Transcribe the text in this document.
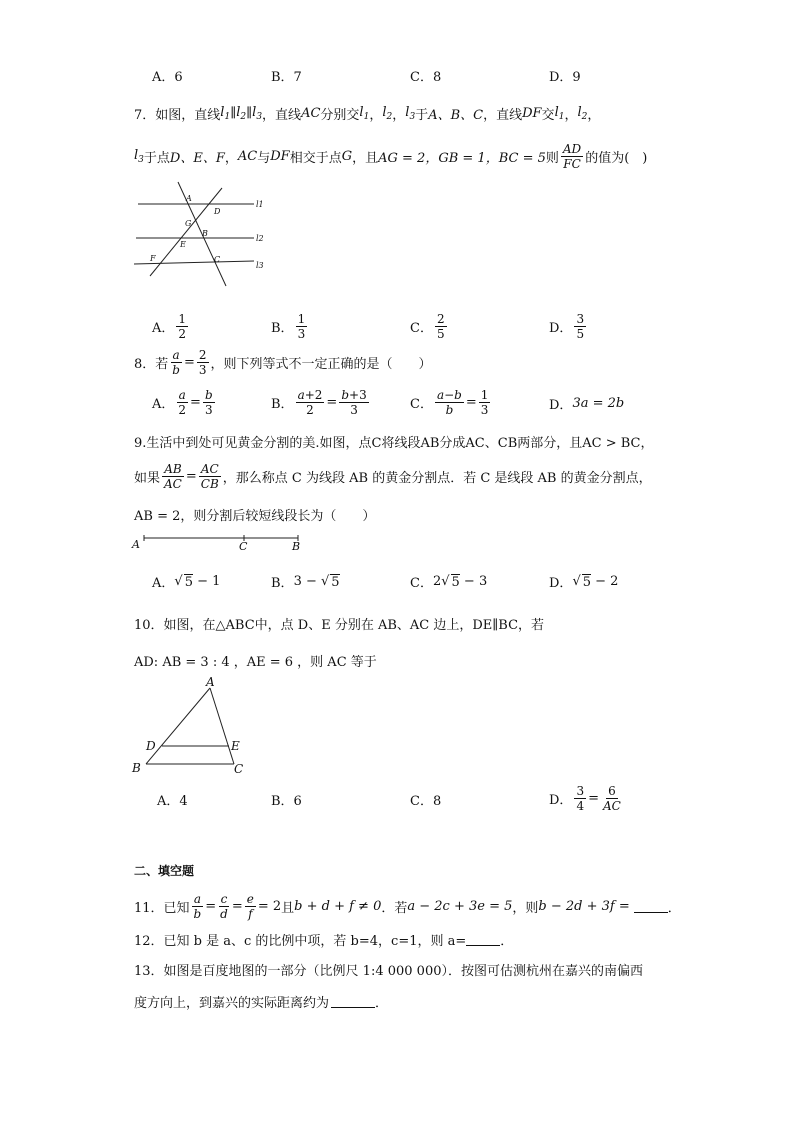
A．6	B．7	C．8	D．9
7． 如图，直线 $l_1$ ∥ $l_2$ ∥ $l_3$ ，直线 AC 分别交 $l_1$ ， $l_2$ ， $l_3$ 于 A、B、C ，直线 DF 交 $l_1$ ， $l_2$ ，
$l_3$ 于点 D、E、F ， AC 与 DF 相交于点 G ， 且 AG = 2，GB = 1，BC = 5 则 $\frac{AD}{FC}$ 的值为(　)
A
D
G
B
E
F	C
l1
l2
l3
A． $\frac{1}{2}$	B． $\frac{1}{3}$	C． $\frac{2}{5}$	D． $\frac{3}{5}$
8．若 $\frac{a}{b} = \frac{2}{3}$ ，则下列等式不一定正确的是（　　）
A． $\frac{a}{2} = \frac{b}{3}$	B． $\frac{a+2}{2} = \frac{b+3}{3}$	C． $\frac{a-b}{b} = \frac{1}{3}$	D． 3a = 2b
9.生活中到处可见黄金分割的美.如图，点C将线段AB分成AC、CB两部分，且AC > BC，
如果 $\frac{AB}{AC} = \frac{AC}{CB}$ ，那么称点 C 为线段 AB 的黄金分割点．若 C 是线段 AB 的黄金分割点，
AB = 2，则分割后较短线段长为（　　）
A	C	B
A． √ 5 − 1	B． 3 − √ 5	C． 2√ 5 − 3	D． √ 5 − 2
10．如图，在△ABC中，点 D、E 分别在 AB、AC 边上，DE∥BC，若
AD: AB = 3 : 4 ，AE = 6 ，则 AC 等于
A
D	E
B	C
A．4	B．6	C．8	D． $\frac{3}{4} = \frac{6}{AC}$
二、填空题
11．已知 $\frac{a}{b} = \frac{c}{d} = \frac{e}{f} = 2$ 且 b + d + f ≠ 0 ．若 a − 2c + 3e = 5 ，则 b − 2d + 3f =	．
12．已知 b 是 a、c 的比例中项，若 b=4，c=1，则 a=	．
13．如图是百度地图的一部分（比例尺 1:4 000 000）．按图可估测杭州在嘉兴的南偏西
度方向上，到嘉兴的实际距离约为	．
